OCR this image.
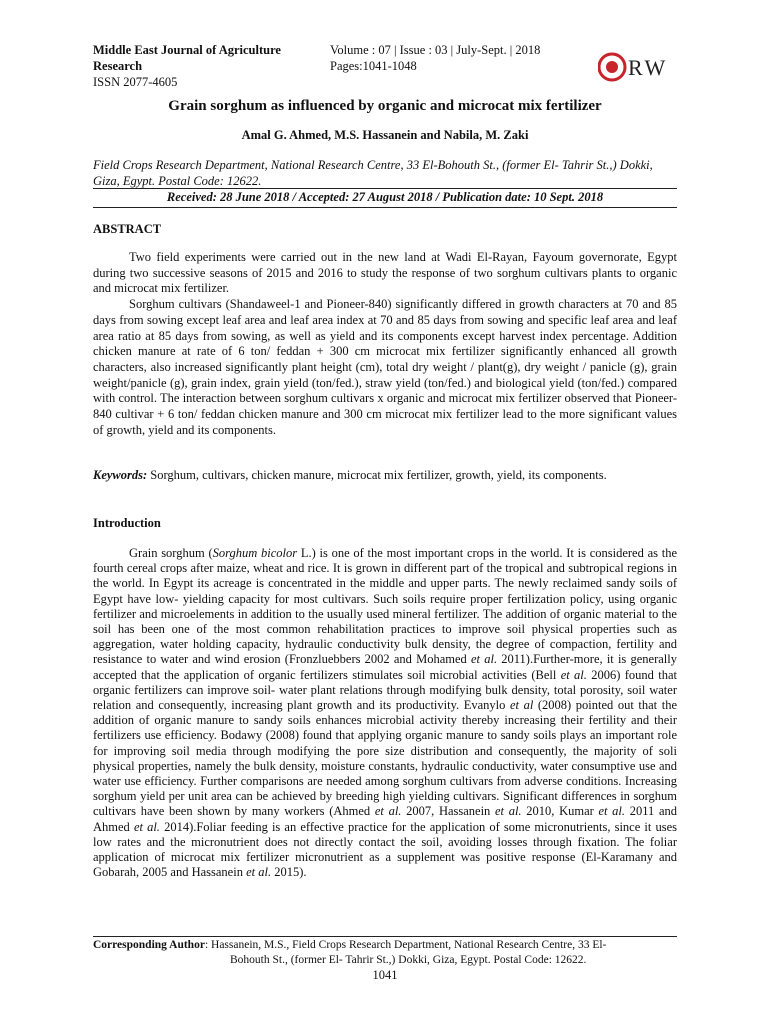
Middle East Journal of Agriculture Research
ISSN 2077-4605
Volume : 07 | Issue : 03 | July-Sept. | 2018
Pages:1041-1048	RW
Grain sorghum as influenced by organic and microcat mix fertilizer
Amal G. Ahmed, M.S. Hassanein and Nabila, M. Zaki
Field Crops Research Department, National Research Centre, 33 El-Bohouth St., (former El- Tahrir St.,) Dokki, Giza, Egypt. Postal Code: 12622.
Received: 28 June 2018 / Accepted: 27 August 2018 / Publication date: 10 Sept. 2018
ABSTRACT

Two field experiments were carried out in the new land at Wadi El-Rayan, Fayoum governorate, Egypt during two successive seasons of 2015 and 2016 to study the response of two sorghum cultivars plants to organic and microcat mix fertilizer.

Sorghum cultivars (Shandaweel-1 and Pioneer-840) significantly differed in growth characters at 70 and 85 days from sowing except leaf area and leaf area index at 70 and 85 days from sowing and specific leaf area and leaf area ratio at 85 days from sowing, as well as yield and its components except harvest index percentage. Addition chicken manure at rate of 6 ton/ feddan + 300 cm microcat mix fertilizer significantly enhanced all growth characters, also increased significantly plant height (cm), total dry weight / plant(g), dry weight / panicle (g), grain weight/panicle (g), grain index, grain yield (ton/fed.), straw yield (ton/fed.) and biological yield (ton/fed.) compared with control. The interaction between sorghum cultivars x organic and microcat mix fertilizer observed that Pioneer-840 cultivar + 6 ton/ feddan chicken manure and 300 cm microcat mix fertilizer lead to the more significant values of growth, yield and its components.

Keywords: Sorghum, cultivars, chicken manure, microcat mix fertilizer, growth, yield, its components.
Introduction

Grain sorghum (Sorghum bicolor L.) is one of the most important crops in the world. It is considered as the fourth cereal crops after maize, wheat and rice. It is grown in different part of the tropical and subtropical regions in the world. In Egypt its acreage is concentrated in the middle and upper parts. The newly reclaimed sandy soils of Egypt have low- yielding capacity for most cultivars. Such soils require proper fertilization policy, using organic fertilizer and microelements in addition to the usually used mineral fertilizer. The addition of organic material to the soil has been one of the most common rehabilitation practices to improve soil physical properties such as aggregation, water holding capacity, hydraulic conductivity bulk density, the degree of compaction, fertility and resistance to water and wind erosion (Fronzluebbers 2002 and Mohamed et al. 2011).Further-more, it is generally accepted that the application of organic fertilizers stimulates soil microbial activities (Bell et al. 2006) found that organic fertilizers can improve soil- water plant relations through modifying bulk density, total porosity, soil water relation and consequently, increasing plant growth and its productivity. Evanylo et al (2008) pointed out that the addition of organic manure to sandy soils enhances microbial activity thereby increasing their fertility and their fertilizers use efficiency. Bodawy (2008) found that applying organic manure to sandy soils plays an important role for improving soil media through modifying the pore size distribution and consequently, the majority of soli physical properties, namely the bulk density, moisture constants, hydraulic conductivity, water consumptive use and water use efficiency. Further comparisons are needed among sorghum cultivars from adverse conditions. Increasing sorghum yield per unit area can be achieved by breeding high yielding cultivars. Significant differences in sorghum cultivars have been shown by many workers (Ahmed et al. 2007, Hassanein et al. 2010, Kumar et al. 2011 and Ahmed et al. 2014).Foliar feeding is an effective practice for the application of some micronutrients, since it uses low rates and the micronutrient does not directly contact the soil, avoiding losses through fixation. The foliar application of microcat mix fertilizer micronutrient as a supplement was positive response (El-Karamany and Gobarah, 2005 and Hassanein et al. 2015).

Corresponding Author: Hassanein, M.S., Field Crops Research Department, National Research Centre, 33 El-
Bohouth St., (former El- Tahrir St.,) Dokki, Giza, Egypt. Postal Code: 12622.
1041
